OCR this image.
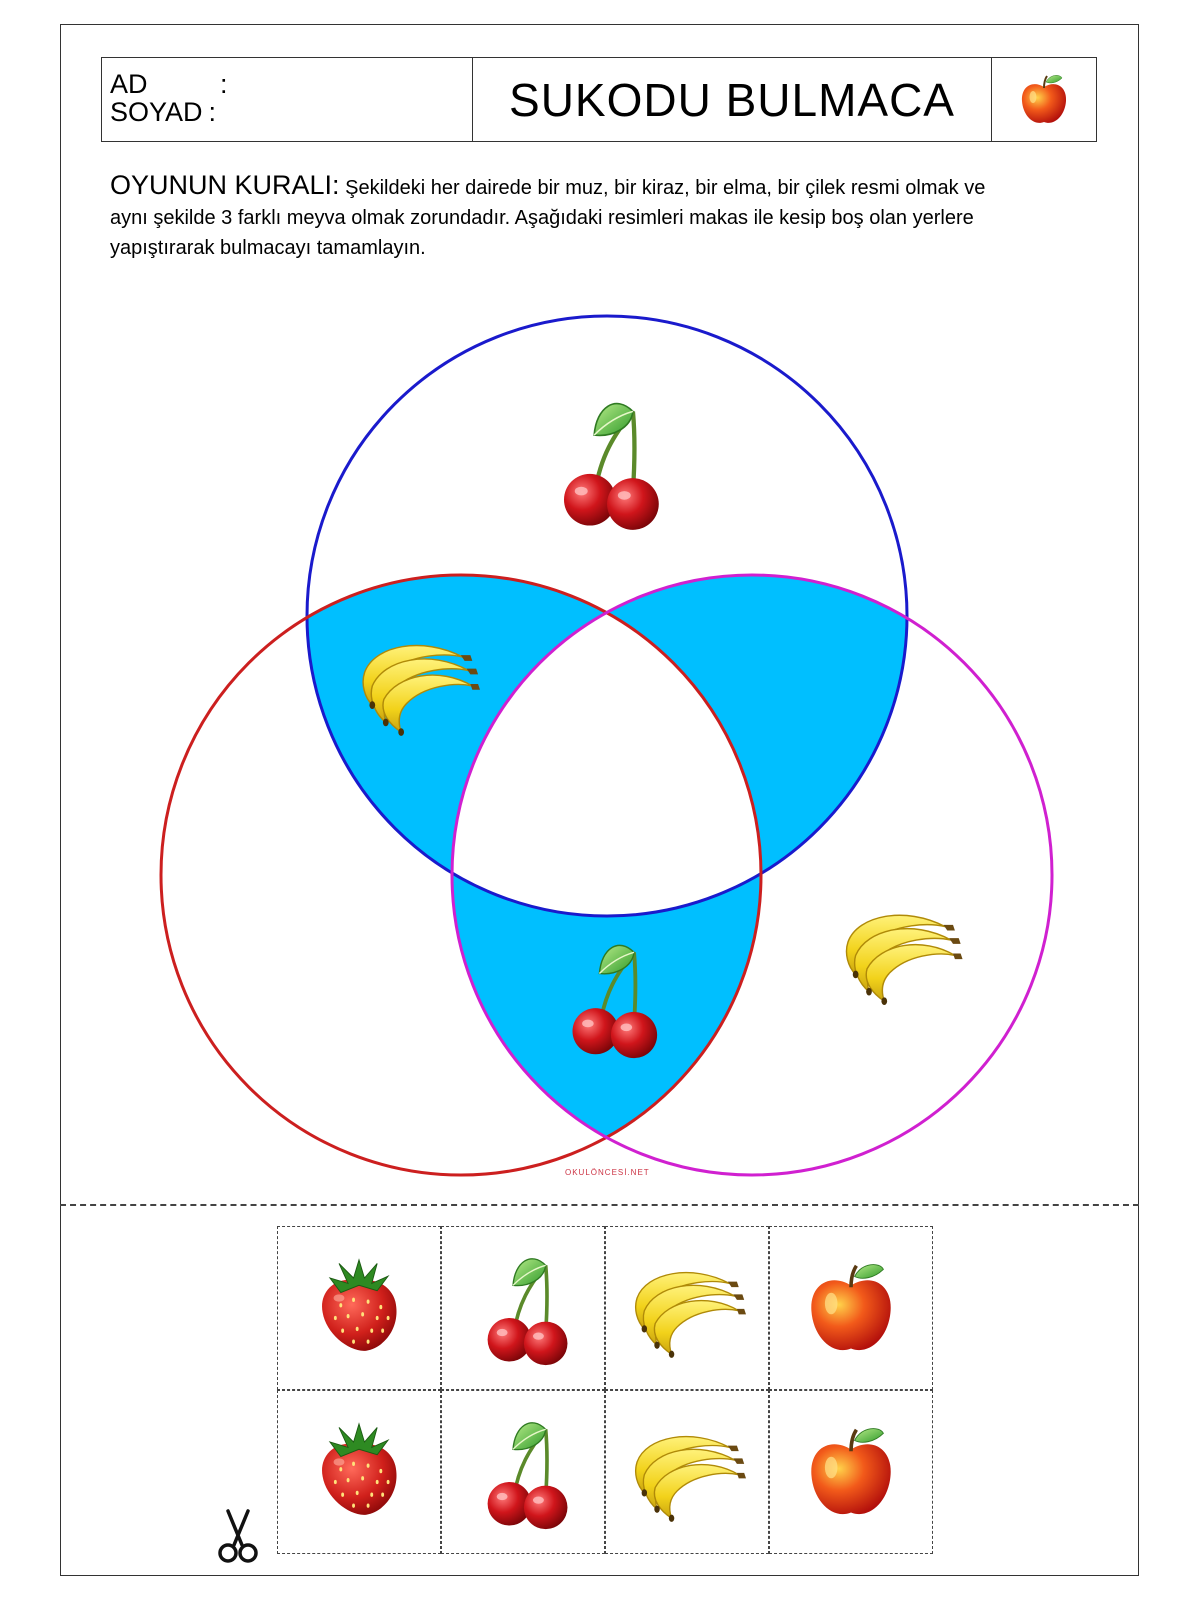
AD	:
SOYAD :	SUKODU BULMACA
OYUNUN KURALI: Şekildeki her dairede bir muz, bir kiraz, bir elma, bir çilek resmi olmak ve aynı şekilde 3 farklı meyva olmak zorundadır. Aşağıdaki resimleri makas ile kesip boş olan yerlere yapıştırarak bulmacayı tamamlayın.
OKULÖNCESİ.NET
